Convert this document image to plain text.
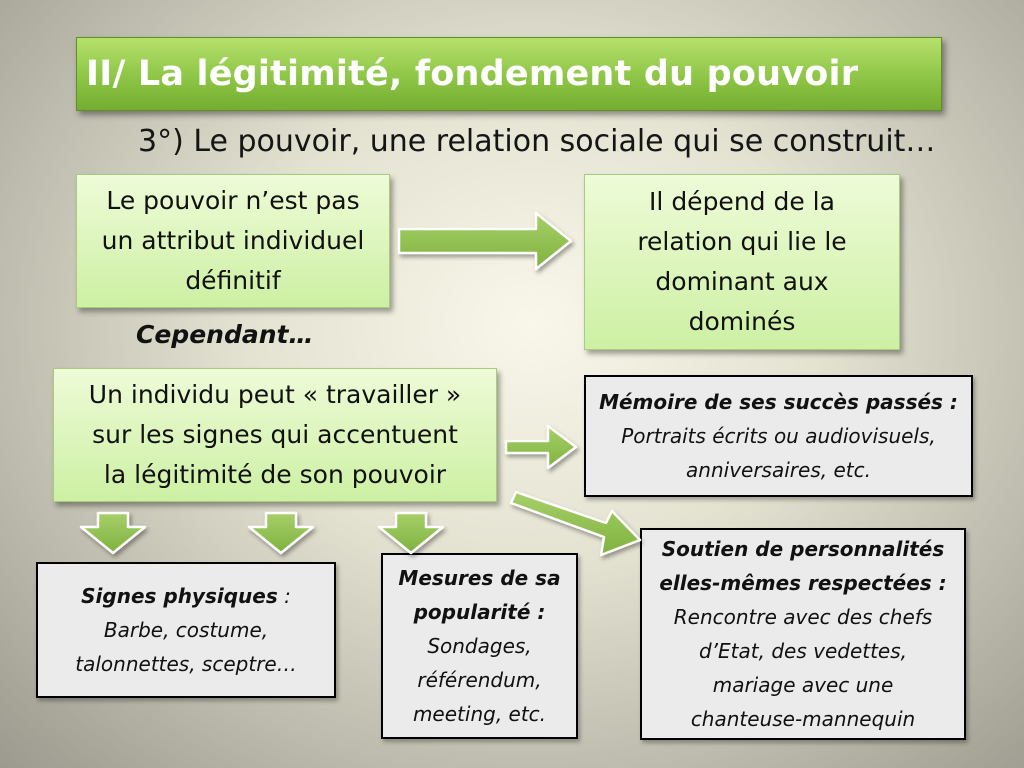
II/ La légitimité, fondement du pouvoir
3°) Le pouvoir, une relation sociale qui se construit…
Le pouvoir n’est pas
un attribut individuel
définitif
Il dépend de la
relation qui lie le
dominant aux
dominés
Cependant…
Un individu peut « travailler »
sur les signes qui accentuent
la légitimité de son pouvoir
Mémoire de ses succès passés :
Portraits écrits ou audiovisuels,
anniversaires, etc.
Soutien de personnalités
elles-mêmes respectées :
Rencontre avec des chefs
d’Etat, des vedettes,
mariage avec une
chanteuse-mannequin
Signes physiques :
Barbe, costume,
talonnettes, sceptre…
Mesures de sa
popularité :
Sondages,
référendum,
meeting, etc.
